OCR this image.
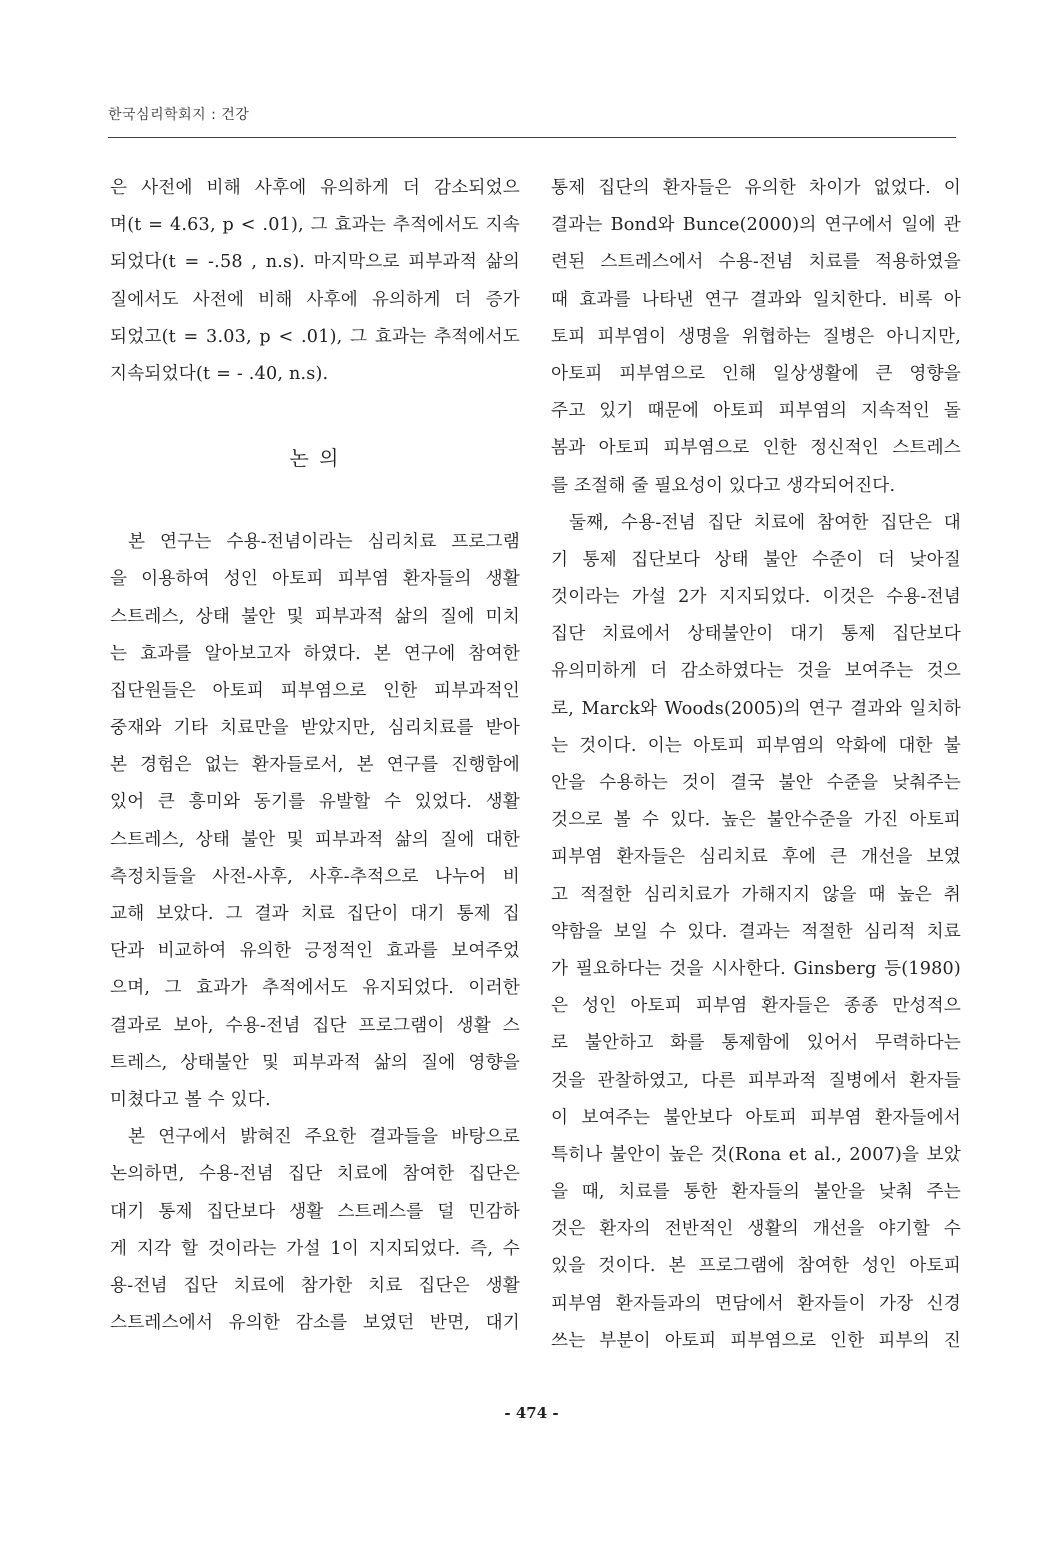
한국심리학회지 : 건강
은 사전에 비해 사후에 유의하게 더 감소되었으
며(t = 4.63, p < .01), 그 효과는 추적에서도 지속
되었다(t = -.58 , n.s). 마지막으로 피부과적 삶의
질에서도 사전에 비해 사후에 유의하게 더 증가
되었고(t = 3.03, p < .01), 그 효과는 추적에서도
지속되었다(t = - .40, n.s).
논 의
본 연구는 수용-전념이라는 심리치료 프로그램
을 이용하여 성인 아토피 피부염 환자들의 생활
스트레스, 상태 불안 및 피부과적 삶의 질에 미치
는 효과를 알아보고자 하였다. 본 연구에 참여한
집단원들은 아토피 피부염으로 인한 피부과적인
중재와 기타 치료만을 받았지만, 심리치료를 받아
본 경험은 없는 환자들로서, 본 연구를 진행함에
있어 큰 흥미와 동기를 유발할 수 있었다. 생활
스트레스, 상태 불안 및 피부과적 삶의 질에 대한
측정치들을 사전-사후, 사후-추적으로 나누어 비
교해 보았다. 그 결과 치료 집단이 대기 통제 집
단과 비교하여 유의한 긍정적인 효과를 보여주었
으며, 그 효과가 추적에서도 유지되었다. 이러한
결과로 보아, 수용-전념 집단 프로그램이 생활 스
트레스, 상태불안 및 피부과적 삶의 질에 영향을
미쳤다고 볼 수 있다.
본 연구에서 밝혀진 주요한 결과들을 바탕으로
논의하면, 수용-전념 집단 치료에 참여한 집단은
대기 통제 집단보다 생활 스트레스를 덜 민감하
게 지각 할 것이라는 가설 1이 지지되었다. 즉, 수
용-전념 집단 치료에 참가한 치료 집단은 생활
스트레스에서 유의한 감소를 보였던 반면, 대기
통제 집단의 환자들은 유의한 차이가 없었다. 이
결과는 Bond와 Bunce(2000)의 연구에서 일에 관
련된 스트레스에서 수용-전념 치료를 적용하였을
때 효과를 나타낸 연구 결과와 일치한다. 비록 아
토피 피부염이 생명을 위협하는 질병은 아니지만,
아토피 피부염으로 인해 일상생활에 큰 영향을
주고 있기 때문에 아토피 피부염의 지속적인 돌
봄과 아토피 피부염으로 인한 정신적인 스트레스
를 조절해 줄 필요성이 있다고 생각되어진다.
둘째, 수용-전념 집단 치료에 참여한 집단은 대
기 통제 집단보다 상태 불안 수준이 더 낮아질
것이라는 가설 2가 지지되었다. 이것은 수용-전념
집단 치료에서 상태불안이 대기 통제 집단보다
유의미하게 더 감소하였다는 것을 보여주는 것으
로, Marck와 Woods(2005)의 연구 결과와 일치하
는 것이다. 이는 아토피 피부염의 악화에 대한 불
안을 수용하는 것이 결국 불안 수준을 낮춰주는
것으로 볼 수 있다. 높은 불안수준을 가진 아토피
피부염 환자들은 심리치료 후에 큰 개선을 보였
고 적절한 심리치료가 가해지지 않을 때 높은 취
약함을 보일 수 있다. 결과는 적절한 심리적 치료
가 필요하다는 것을 시사한다. Ginsberg 등(1980)
은 성인 아토피 피부염 환자들은 종종 만성적으
로 불안하고 화를 통제함에 있어서 무력하다는
것을 관찰하였고, 다른 피부과적 질병에서 환자들
이 보여주는 불안보다 아토피 피부염 환자들에서
특히나 불안이 높은 것(Rona et al., 2007)을 보았
을 때, 치료를 통한 환자들의 불안을 낮춰 주는
것은 환자의 전반적인 생활의 개선을 야기할 수
있을 것이다. 본 프로그램에 참여한 성인 아토피
피부염 환자들과의 면담에서 환자들이 가장 신경
쓰는 부분이 아토피 피부염으로 인한 피부의 진
- 474 -
